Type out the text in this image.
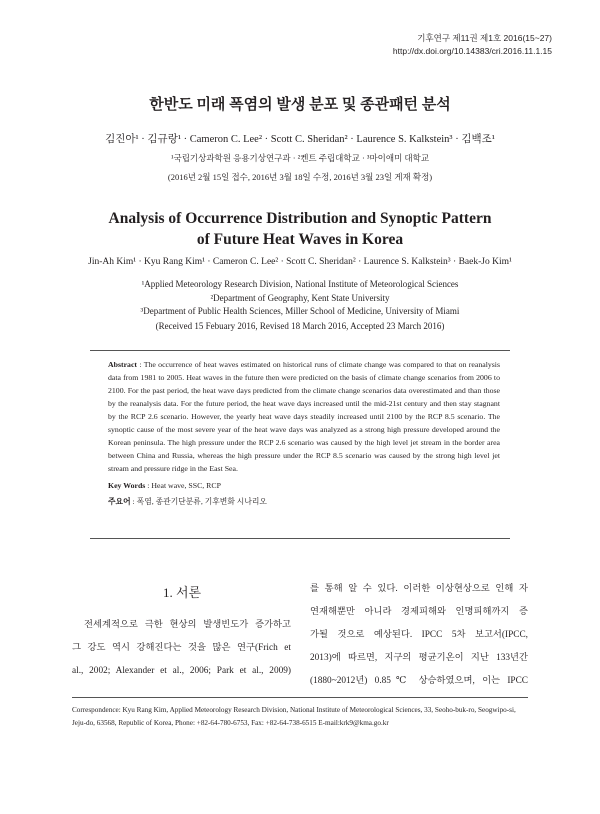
기후연구 제11권 제1호 2016(15~27)
http://dx.doi.org/10.14383/cri.2016.11.1.15
한반도 미래 폭염의 발생 분포 및 종관패턴 분석
김진아¹ · 김규랑¹ · Cameron C. Lee² · Scott C. Sheridan² · Laurence S. Kalkstein³ · 김백조¹
¹국립기상과학원 응용기상연구과 · ²켄트 주립대학교 · ³마이애미 대학교
(2016년 2월 15일 접수, 2016년 3월 18일 수정, 2016년 3월 23일 게재 확정)
Analysis of Occurrence Distribution and Synoptic Pattern
of Future Heat Waves in Korea
Jin-Ah Kim¹ · Kyu Rang Kim¹ · Cameron C. Lee² · Scott C. Sheridan² · Laurence S. Kalkstein³ · Baek-Jo Kim¹
¹Applied Meteorology Research Division, National Institute of Meteorological Sciences
²Department of Geography, Kent State University
³Department of Public Health Sciences, Miller School of Medicine, University of Miami
(Received 15 Febuary 2016, Revised 18 March 2016, Accepted 23 March 2016)

Abstract : The occurrence of heat waves estimated on historical runs of climate change was compared to that on reanalysis data from 1981 to 2005. Heat waves in the future then were predicted on the basis of climate change scenarios from 2006 to 2100. For the past period, the heat wave days predicted from the climate change scenarios data overestimated and than those by the reanalysis data. For the future period, the heat wave days increased until the mid-21st century and then stay stagnant by the RCP 2.6 scenario. However, the yearly heat wave days steadily increased until 2100 by the RCP 8.5 scenario. The synoptic cause of the most severe year of the heat wave days was analyzed as a strong high pressure developed around the Korean peninsula. The high pressure under the RCP 2.6 scenario was caused by the high level jet stream in the border area between China and Russia, whereas the high pressure under the RCP 8.5 scenario was caused by the strong high level jet stream and pressure ridge in the East Sea.

Key Words : Heat wave, SSC, RCP

주요어 : 폭염, 종관기단분류, 기후변화 시나리오

1. 서론
전세계적으로 극한 현상의 발생빈도가 증가하고
그 강도 역시 강해진다는 것을 많은 연구(Frich et
al., 2002; Alexander et al., 2006; Park et al., 2009)
를 통해 알 수 있다. 이러한 이상현상으로 인해 자
연재해뿐만 아니라 경제피해와 인명피해까지 증
가될 것으로 예상된다. IPCC 5차 보고서(IPCC,
2013)에 따르면, 지구의 평균기온이 지난 133년간
(1880~2012년) 0.85℃ 상승하였으며, 이는 IPCC
Correspondence: Kyu Rang Kim, Applied Meteorology Research Division, National Institute of Meteorological Sciences, 33, Seoho-buk-ro, Seogwipo-si, Jeju-do, 63568, Republic of Korea, Phone: +82-64-780-6753, Fax: +82-64-738-6515 E-mail:krk9@kma.go.kr
